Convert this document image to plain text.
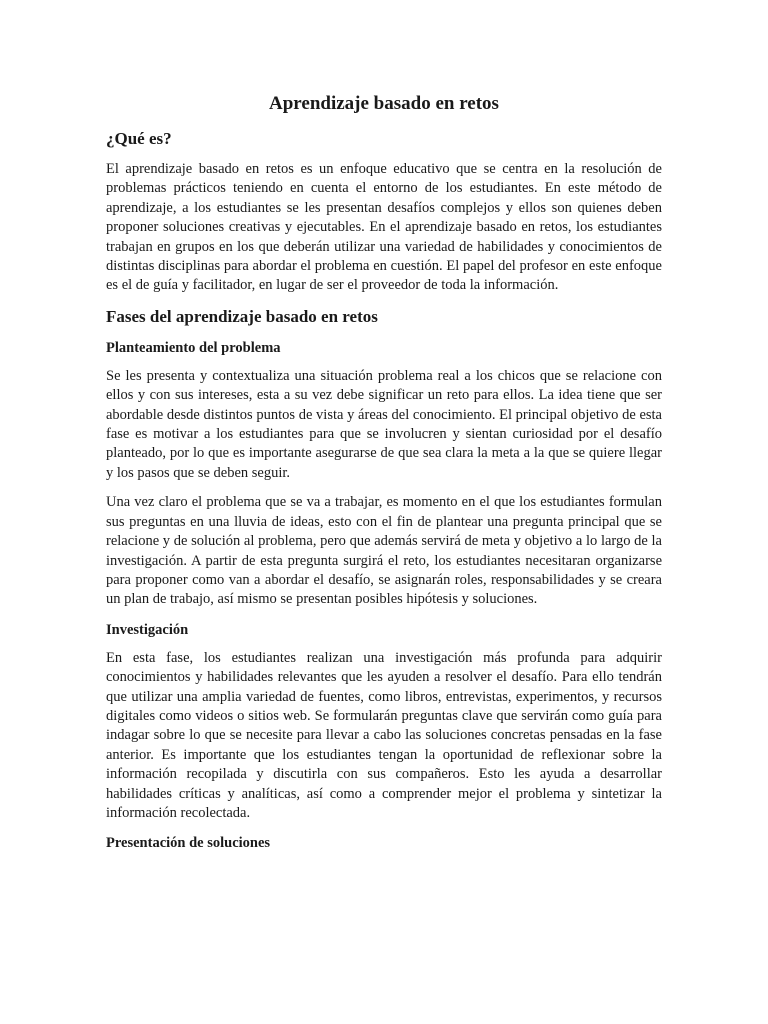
Aprendizaje basado en retos
¿Qué es?

El aprendizaje basado en retos es un enfoque educativo que se centra en la resolución de problemas prácticos teniendo en cuenta el entorno de los estudiantes. En este método de aprendizaje, a los estudiantes se les presentan desafíos complejos y ellos son quienes deben proponer soluciones creativas y ejecutables. En el aprendizaje basado en retos, los estudiantes trabajan en grupos en los que deberán utilizar una variedad de habilidades y conocimientos de distintas disciplinas para abordar el problema en cuestión. El papel del profesor en este enfoque es el de guía y facilitador, en lugar de ser el proveedor de toda la información.

Fases del aprendizaje basado en retos
Planteamiento del problema

Se les presenta y contextualiza una situación problema real a los chicos que se relacione con ellos y con sus intereses, esta a su vez debe significar un reto para ellos. La idea tiene que ser abordable desde distintos puntos de vista y áreas del conocimiento. El principal objetivo de esta fase es motivar a los estudiantes para que se involucren y sientan curiosidad por el desafío planteado, por lo que es importante asegurarse de que sea clara la meta a la que se quiere llegar y los pasos que se deben seguir.

Una vez claro el problema que se va a trabajar, es momento en el que los estudiantes formulan sus preguntas en una lluvia de ideas, esto con el fin de plantear una pregunta principal que se relacione y de solución al problema, pero que además servirá de meta y objetivo a lo largo de la investigación. A partir de esta pregunta surgirá el reto, los estudiantes necesitaran organizarse para proponer como van a abordar el desafío, se asignarán roles, responsabilidades y se creara un plan de trabajo, así mismo se presentan posibles hipótesis y soluciones.

Investigación

En esta fase, los estudiantes realizan una investigación más profunda para adquirir conocimientos y habilidades relevantes que les ayuden a resolver el desafío. Para ello tendrán que utilizar una amplia variedad de fuentes, como libros, entrevistas, experimentos, y recursos digitales como videos o sitios web. Se formularán preguntas clave que servirán como guía para indagar sobre lo que se necesite para llevar a cabo las soluciones concretas pensadas en la fase anterior. Es importante que los estudiantes tengan la oportunidad de reflexionar sobre la información recopilada y discutirla con sus compañeros. Esto les ayuda a desarrollar habilidades críticas y analíticas, así como a comprender mejor el problema y sintetizar la información recolectada.

Presentación de soluciones
